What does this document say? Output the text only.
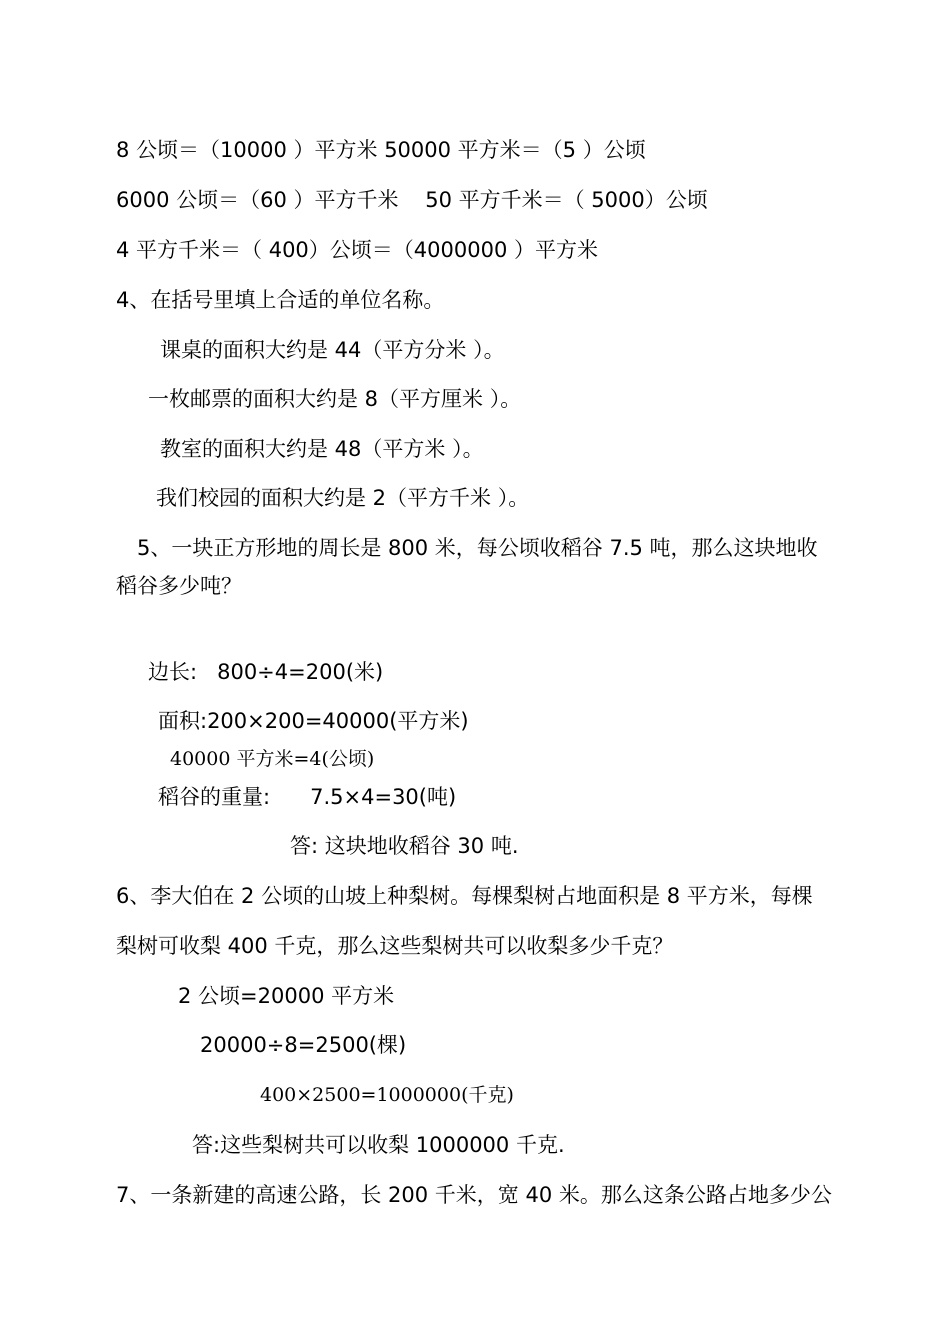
8 公顷＝（10000 ）平方米 50000 平方米＝（5 ）公顷
6000 公顷＝（60 ）平方千米    50 平方千米＝（ 5000）公顷
4 平方千米＝（ 400）公顷＝（4000000 ）平方米
4、在括号里填上合适的单位名称。
课桌的面积大约是 44（平方分米 ）。
一枚邮票的面积大约是 8（平方厘米 ）。
教室的面积大约是 48（平方米 ）。
我们校园的面积大约是 2（平方千米 ）。
5、一块正方形地的周长是 800 米，每公顷收稻谷 7.5 吨，那么这块地收
稻谷多少吨？
边长:   800÷4=200(米)
面积:200×200=40000(平方米)
40000 平方米=4(公顷)
稻谷的重量:      7.5×4=30(吨)
答: 这块地收稻谷 30 吨.
6、李大伯在 2 公顷的山坡上种梨树。每棵梨树占地面积是 8 平方米，每棵
梨树可收梨 400 千克，那么这些梨树共可以收梨多少千克？
2 公顷=20000 平方米
20000÷8=2500(棵)
400×2500=1000000(千克)
答:这些梨树共可以收梨 1000000 千克.
7、一条新建的高速公路，长 200 千米，宽 40 米。那么这条公路占地多少公
